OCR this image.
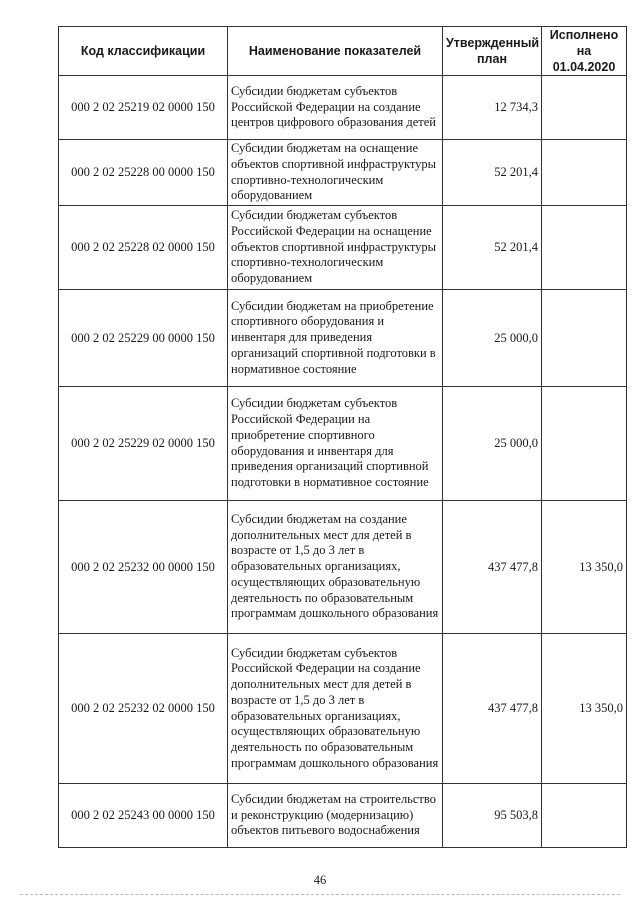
Код классификации	Наименование показателей	Утвержденный план	Исполнено на 01.04.2020
000 2 02 25219 02 0000 150	Субсидии бюджетам субъектов Российской Федерации на создание центров цифрового образования детей	12 734,3	
000 2 02 25228 00 0000 150	Субсидии бюджетам на оснащение объектов спортивной инфраструктуры спортивно-технологическим оборудованием	52 201,4	
000 2 02 25228 02 0000 150	Субсидии бюджетам субъектов Российской Федерации на оснащение объектов спортивной инфраструктуры спортивно-технологическим оборудованием	52 201,4	
000 2 02 25229 00 0000 150	Субсидии бюджетам на приобретение спортивного оборудования и инвентаря для приведения организаций спортивной подготовки в нормативное состояние	25 000,0	
000 2 02 25229 02 0000 150	Субсидии бюджетам субъектов Российской Федерации на приобретение спортивного оборудования и инвентаря для приведения организаций спортивной подготовки в нормативное состояние	25 000,0	
000 2 02 25232 00 0000 150	Субсидии бюджетам на создание дополнительных мест для детей в возрасте от 1,5 до 3 лет в образовательных организациях, осуществляющих образовательную деятельность по образовательным программам дошкольного образования	437 477,8	13 350,0
000 2 02 25232 02 0000 150	Субсидии бюджетам субъектов Российской Федерации на создание дополнительных мест для детей в возрасте от 1,5 до 3 лет в образовательных организациях, осуществляющих образовательную деятельность по образовательным программам дошкольного образования	437 477,8	13 350,0
000 2 02 25243 00 0000 150	Субсидии бюджетам на строительство и реконструкцию (модернизацию) объектов питьевого водоснабжения	95 503,8	
46
